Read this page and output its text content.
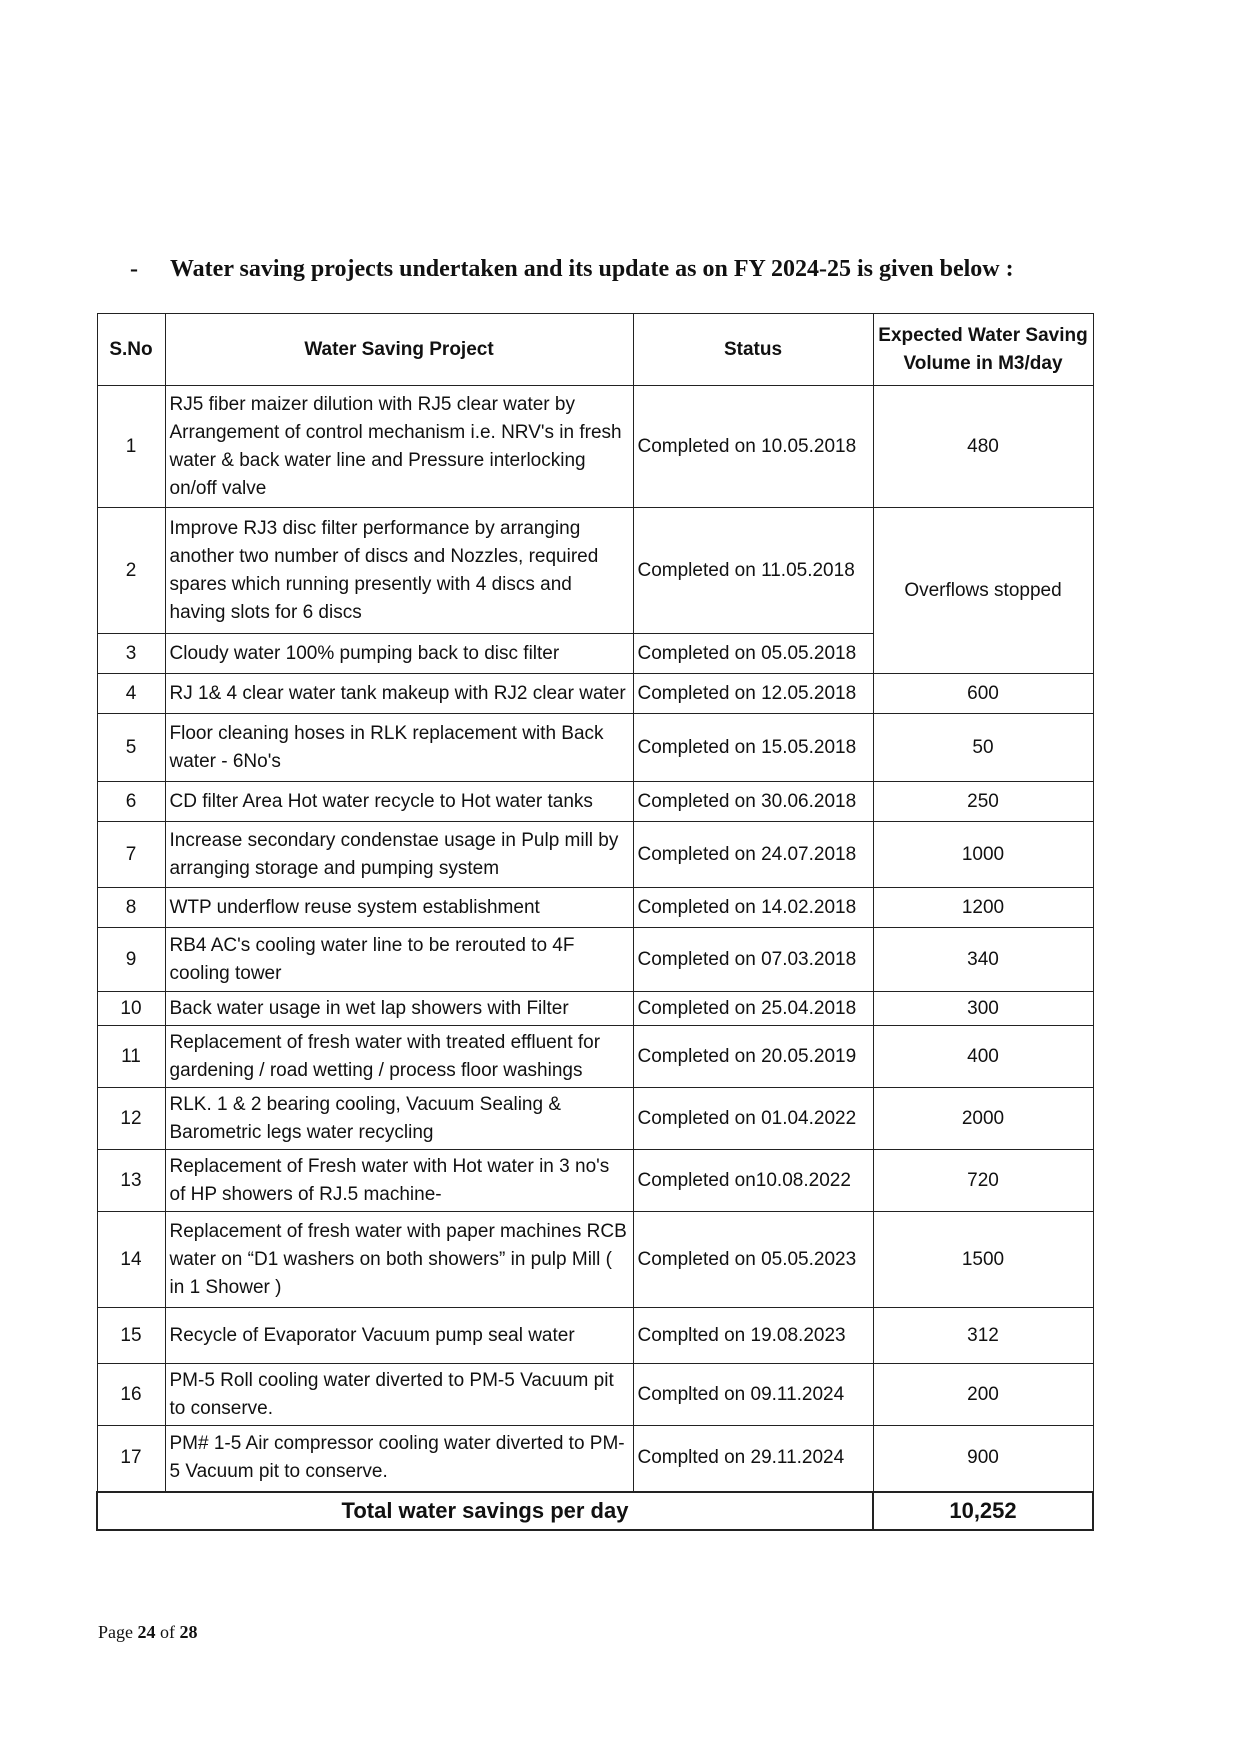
- Water saving projects undertaken and its update as on FY 2024-25 is given below :
S.No	Water Saving Project	Status	Expected Water Saving Volume in M3/day
1	RJ5 fiber maizer dilution with RJ5 clear water by Arrangement of control mechanism i.e. NRV's in fresh water & back water line and Pressure interlocking on/off valve	Completed on 10.05.2018	480
2	Improve RJ3 disc filter performance by arranging another two number of discs and Nozzles, required spares which running presently with 4 discs and having slots for 6 discs	Completed on 11.05.2018	Overflows stopped
3	Cloudy water 100% pumping back to disc filter	Completed on 05.05.2018	
4	RJ 1& 4 clear water tank makeup with RJ2 clear water	Completed on 12.05.2018	600
5	Floor cleaning hoses in RLK replacement with Back water - 6No's	Completed on 15.05.2018	50
6	CD filter Area Hot water recycle to Hot water tanks	Completed on 30.06.2018	250
7	Increase secondary condenstae usage in Pulp mill by arranging storage and pumping system	Completed on 24.07.2018	1000
8	WTP underflow reuse system establishment	Completed on 14.02.2018	1200
9	RB4 AC's cooling water line to be rerouted to 4F cooling tower	Completed on 07.03.2018	340
10	Back water usage in wet lap showers with Filter	Completed on 25.04.2018	300
11	Replacement of fresh water with treated effluent for gardening / road wetting / process floor washings	Completed on 20.05.2019	400
12	RLK. 1 & 2 bearing cooling, Vacuum Sealing & Barometric legs water recycling	Completed on 01.04.2022	2000
13	Replacement of Fresh water with Hot water in 3 no's of HP showers of RJ.5 machine-	Completed on10.08.2022	720
14	Replacement of fresh water with paper machines RCB water on “D1 washers on both showers” in pulp Mill ( in 1 Shower )	Completed on 05.05.2023	1500
15	Recycle of Evaporator Vacuum pump seal water	Complted on 19.08.2023	312
16	PM-5 Roll cooling water diverted to PM-5 Vacuum pit to conserve.	Complted on 09.11.2024	200
17	PM# 1-5 Air compressor cooling water diverted to PM-5 Vacuum pit to conserve.	Complted on 29.11.2024	900
Total water savings per day			10,252
Page 24 of 28
